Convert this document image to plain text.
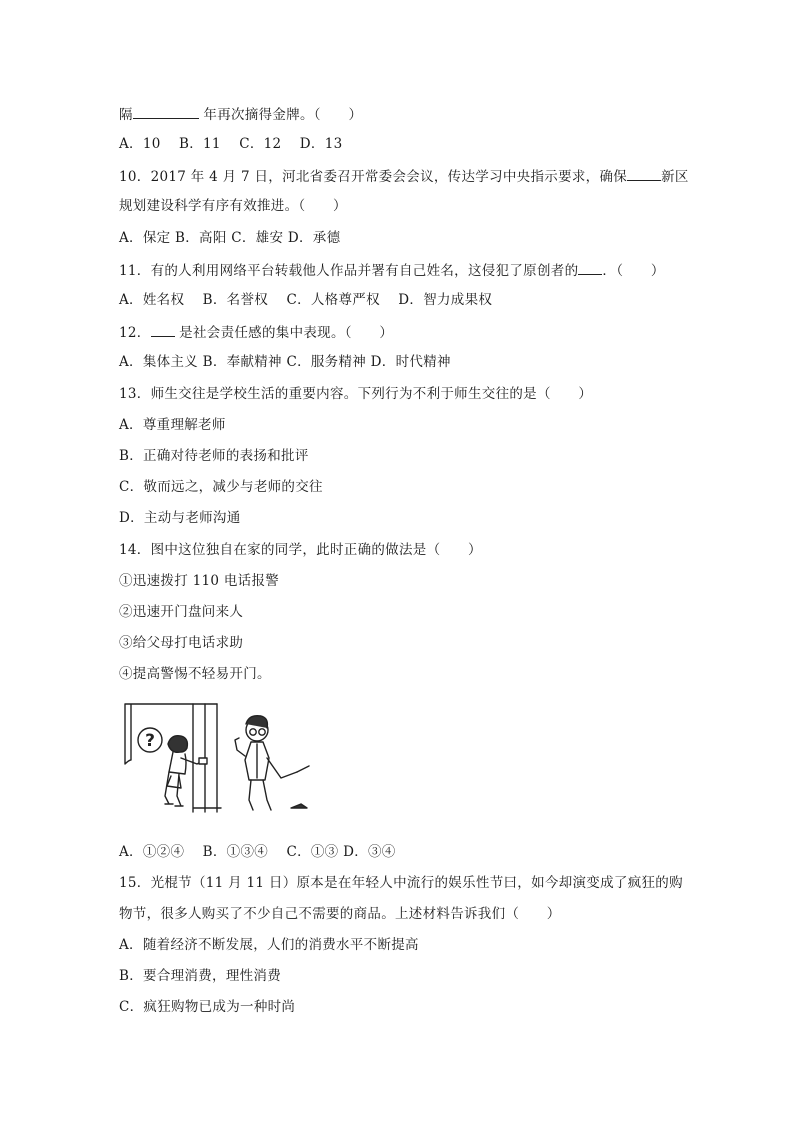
隔	年再次摘得金牌。（　　）
A．10　 B．11　 C．12　 D．13
10．2017 年 4 月 7 日，河北省委召开常委会会议，传达学习中央指示要求，确保	新区
规划建设科学有序有效推进。（　　）
A．保定 B．高阳 C．雄安 D．承德
11．有的人利用网络平台转载他人作品并署有自己姓名，这侵犯了原创者的 ．（　　）
A．姓名权　 B．名誉权　 C．人格尊严权　 D．智力成果权
12． 是社会责任感的集中表现。（　　）
A．集体主义 B．奉献精神 C．服务精神 D．时代精神
13．师生交往是学校生活的重要内容。下列行为不利于师生交往的是（　　）
A．尊重理解老师
B．正确对待老师的表扬和批评
C．敬而远之，减少与老师的交往
D．主动与老师沟通
14．图中这位独自在家的同学，此时正确的做法是（　　）
①迅速拨打 110 电话报警
②迅速开门盘问来人
③给父母打电话求助
④提高警惕不轻易开门。
?
A．①②④　 B．①③④　 C．①③ D．③④
15．光棍节（11 月 11 日）原本是在年轻人中流行的娱乐性节曰，如今却演变成了疯狂的购
物节，很多人购买了不少自己不需要的商品。上述材料告诉我们（　　）
A．随着经济不断发展，人们的消费水平不断提高
B．要合理消费，理性消费
C．疯狂购物已成为一种时尚
